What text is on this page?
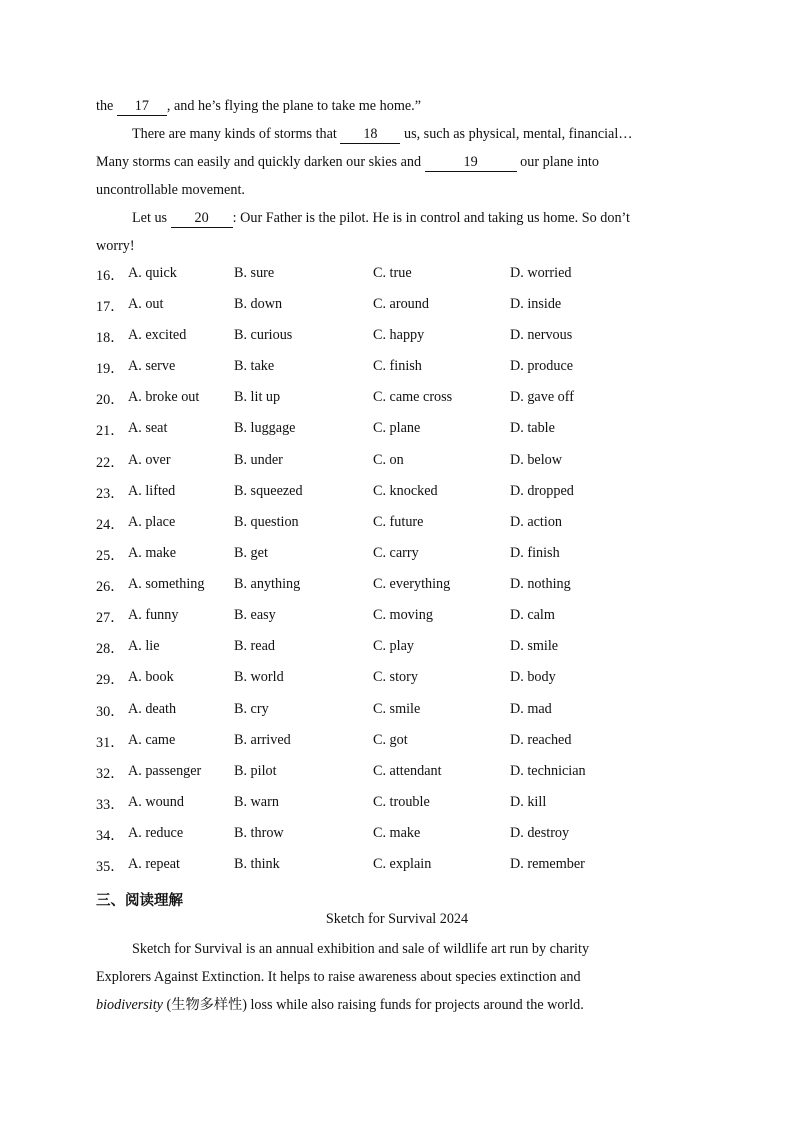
the 17 , and he’s flying the plane to take me home.”
There are many kinds of storms that 18 us, such as physical, mental, financial…
Many storms can easily and quickly darken our skies and	19	our plane into
uncontrollable movement.
Let us 20 : Our Father is the pilot. He is in control and taking us home. So don’t
worry!
16． A. quick	B. sure	C. true	D. worried
17． A. out	B. down	C. around	D. inside
18． A. excited	B. curious	C. happy	D. nervous
19． A. serve	B. take	C. finish	D. produce
20． A. broke out B. lit up	C. came cross	D. gave off
21． A. seat	B. luggage	C. plane	D. table
22． A. over	B. under	C. on	D. below
23． A. lifted	B. squeezed	C. knocked	D. dropped
24． A. place	B. question	C. future	D. action
25． A. make	B. get	C. carry	D. finish
26． A. something B. anything	C. everything	D. nothing
27． A. funny	B. easy	C. moving	D. calm
28． A. lie	B. read	C. play	D. smile
29． A. book	B. world	C. story	D. body
30． A. death	B. cry	C. smile	D. mad
31． A. came	B. arrived	C. got	D. reached
32． A. passenger B. pilot	C. attendant	D. technician
33． A. wound	B. warn	C. trouble	D. kill
34． A. reduce	B. throw	C. make	D. destroy
35． A. repeat	B. think	C. explain	D. remember
三、阅读理解
Sketch for Survival 2024
Sketch for Survival is an annual exhibition and sale of wildlife art run by charity
Explorers Against Extinction. It helps to raise awareness about species extinction and
biodiversity (生物多样性) loss while also raising funds for projects around the world.
